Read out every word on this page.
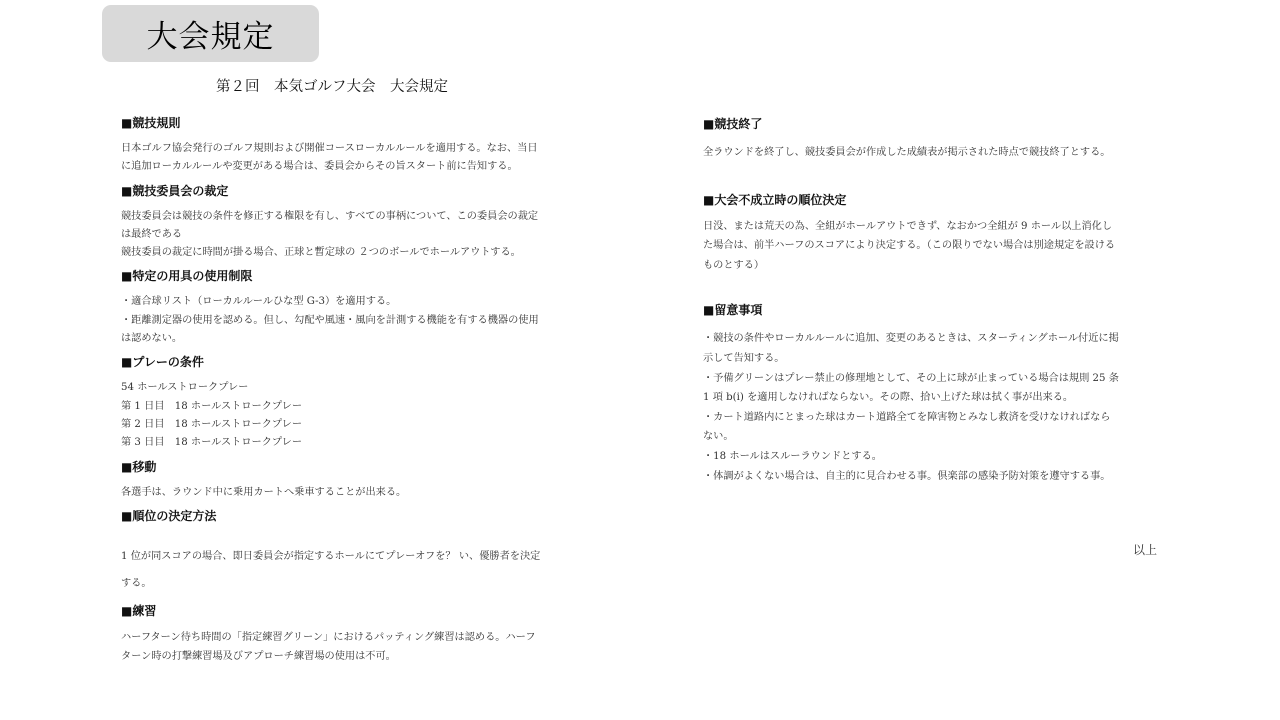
大会規定
第２回　本気ゴルフ大会　大会規定
■競技規則
日本ゴルフ協会発行のゴルフ規則および開催コースローカルルールを適用する。なお、当日
に追加ローカルルールや変更がある場合は、委員会からその旨スタート前に告知する。
■競技委員会の裁定
競技委員会は競技の条件を修正する権限を有し、すべての事柄について、この委員会の裁定
は最終である
競技委員の裁定に時間が掛る場合、正球と暫定球の ２つのボールでホールアウトする。
■特定の用具の使用制限
・適合球リスト（ローカルルールひな型 G-3）を適用する。
・距離測定器の使用を認める。但し、勾配や風速・風向を計測する機能を有する機器の使用
は認めない。
■プレーの条件
54 ホールストロークプレー
第 1 日目　18 ホールストロークプレー
第 2 日目　18 ホールストロークプレー
第 3 日目　18 ホールストロークプレー
■移動
各選手は、ラウンド中に乗用カートへ乗車することが出来る。
■順位の決定方法
1 位が同スコアの場合、即日委員会が指定するホールにてプレーオフを？ い、優勝者を決定
する。
■練習
ハーフターン待ち時間の「指定練習グリーン」におけるパッティング練習は認める。ハーフ
ターン時の打撃練習場及びアプローチ練習場の使用は不可。
■競技終了
全ラウンドを終了し、競技委員会が作成した成績表が掲示された時点で競技終了とする。
■大会不成立時の順位決定
日没、または荒天の為、全組がホールアウトできず、なおかつ全組が 9 ホール以上消化し
た場合は、前半ハーフのスコアにより決定する。（この限りでない場合は別途規定を設ける
ものとする）
■留意事項
・競技の条件やローカルルールに追加、変更のあるときは、スターティングホール付近に掲
示して告知する。
・予備グリーンはプレー禁止の修理地として、その上に球が止まっている場合は規則 25 条
1 項 b(i) を適用しなければならない。その際、拾い上げた球は拭く事が出来る。
・カート道路内にとまった球はカート道路全てを障害物とみなし救済を受けなければなら
ない。
・18 ホールはスルーラウンドとする。
・体調がよくない場合は、自主的に見合わせる事。倶楽部の感染予防対策を遵守する事。
以上
